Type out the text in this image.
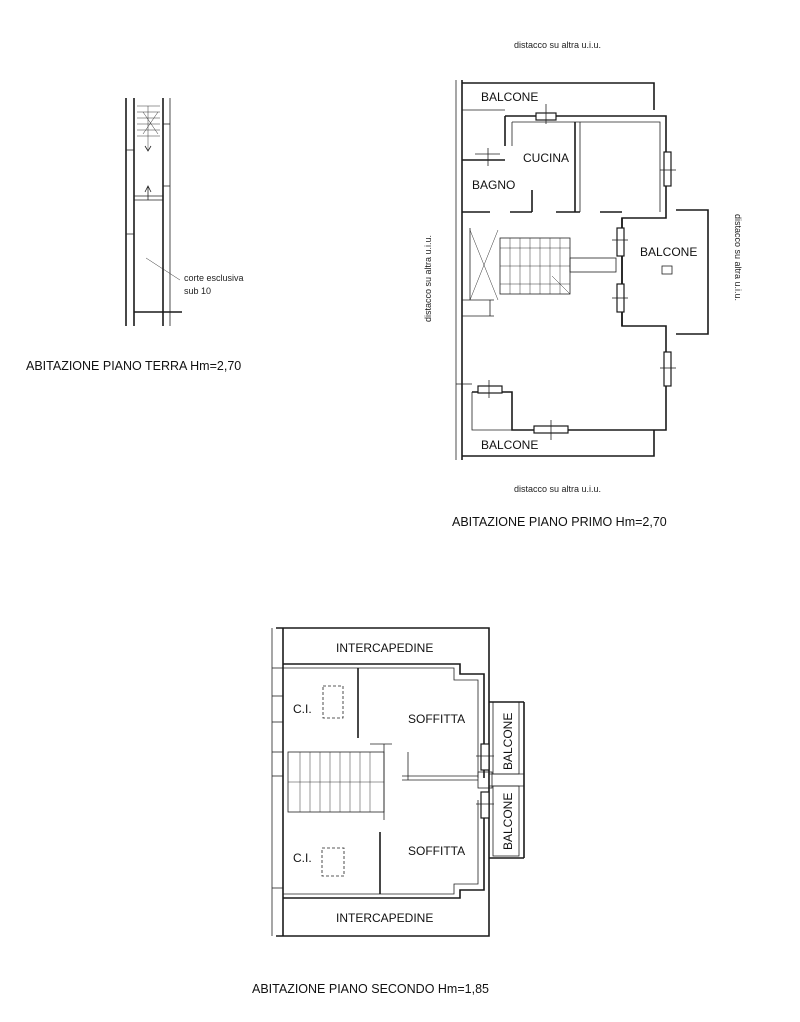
corte esclusiva
sub 10
ABITAZIONE PIANO TERRA Hm=2,70
distacco su altra u.i.u.
distacco su altra u.i.u.
distacco su altra u.i.u.	distacco su altra u.i.u.
BALCONE
CUCINA
BAGNO
BALCONE
BALCONE
ABITAZIONE PIANO PRIMO Hm=2,70
INTERCAPEDINE
C.I.
SOFFITTA	BALCONE
BALCONE
C.I.	SOFFITTA
INTERCAPEDINE
ABITAZIONE PIANO SECONDO Hm=1,85
